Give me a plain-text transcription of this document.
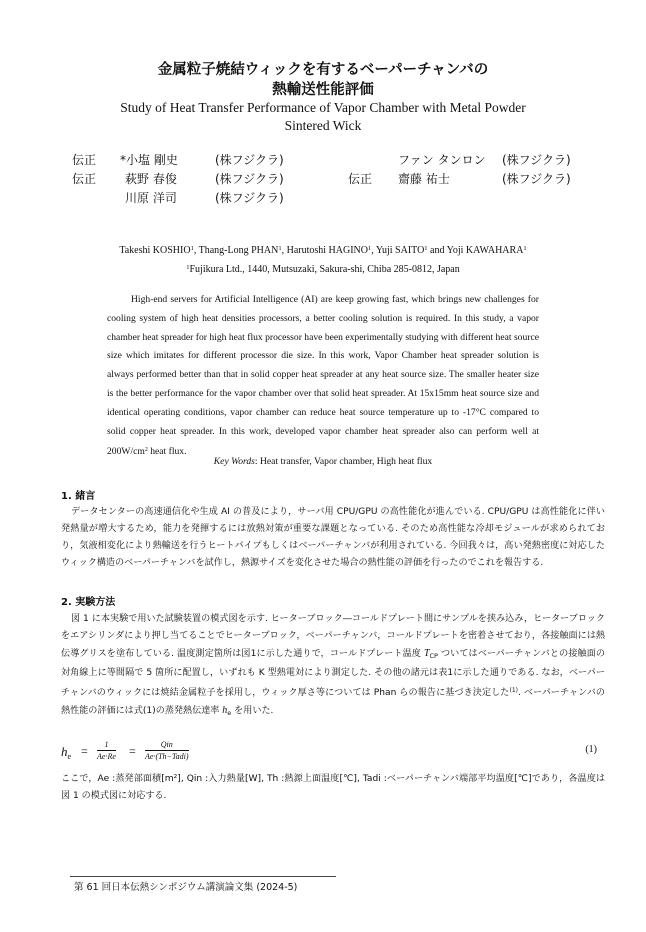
金属粒子焼結ウィックを有するベーパーチャンバの
熱輸送性能評価
Study of Heat Transfer Performance of Vapor Chamber with Metal Powder Sintered Wick
伝正 *小塩 剛史	(株フジクラ)	ファン タンロン (株フジクラ)
伝正 萩野 春俊	(株フジクラ)	伝正 齋藤 祐士	(株フジクラ)
川原 洋司	(株フジクラ)
Takeshi KOSHIO$^1$, Thang-Long PHAN$^1$, Harutoshi HAGINO$^1$, Yuji SAITO$^1$ and Yoji KAWAHARA$^1$
$^1$Fujikura Ltd., 1440, Mutsuzaki, Sakura-shi, Chiba 285-0812, Japan

High-end servers for Artificial Intelligence (AI) are keep growing fast, which brings new challenges for cooling system of high heat densities processors, a better cooling solution is required. In this study, a vapor chamber heat spreader for high heat flux processor have been experimentally studying with different heat source size which imitates for different processor die size. In this work, Vapor Chamber heat spreader solution is always performed better than that in solid copper heat spreader at any heat source size. The smaller heater size is the better performance for the vapor chamber over that solid heat spreader. At 15x15mm heat source size and identical operating conditions, vapor chamber can reduce heat source temperature up to -17°C compared to solid copper heat spreader. In this work, developed vapor chamber heat spreader also can perform well at $200W/cm^2$ heat flux.

Key Words: Heat transfer, Vapor chamber, High heat flux
1. 緒言

データセンターの高速通信化や生成 AI の普及により，サーバ用 CPU/GPU の高性能化が進んでいる. CPU/GPU は高性能化に伴い発熱量が増大するため，能力を発揮するには放熱対策が重要な課題となっている. そのため高性能な冷却モジュールが求められており，気液相変化により熱輸送を行うヒートパイプもしくはベーパーチャンバが利用されている. 今回我々は，高い発熱密度に対応したウィック構造のベーパーチャンバを試作し，熱源サイズを変化させた場合の熱性能の評価を行ったのでこれを報告する.

2. 実験方法

図 1 に本実験で用いた試験装置の模式図を示す. ヒーターブロック―コールドプレート間にサンプルを挟み込み，ヒーターブロックをエアシリンダにより押し当てることでヒーターブロック，ベーパーチャンバ，コールドプレートを密着させており，各接触面には熱伝導グリスを塗布している. 温度測定箇所は図1に示した通りで，コールドプレート温度 $T_{CP}$ ついてはベーパーチャンバとの接触面の対角線上に等間隔で 5 箇所に配置し，いずれも K 型熱電対により測定した. その他の諸元は表1に示した通りである. なお，ベーパーチャンバのウィックには焼結金属粒子を採用し，ウィック厚さ等については Phan らの報告に基づき決定した$^{(1)}$. ベーパーチャンバの熱性能の評価には式(1)の蒸発熱伝達率 $h_e$ を用いた.

$h_e = \frac{1}{Ae\cdot Re}$ =	Qin
Ae·(Th−Tadi)
(1)

ここで，Ae :蒸発部面積[m²], Qin :入力熱量[W], Th :熱源上面温度[℃], Tadi :ベーパーチャンバ端部平均温度[℃]であり，各温度は図 1 の模式図に対応する.

第 61 回日本伝熱シンポジウム講演論文集 (2024-5)
